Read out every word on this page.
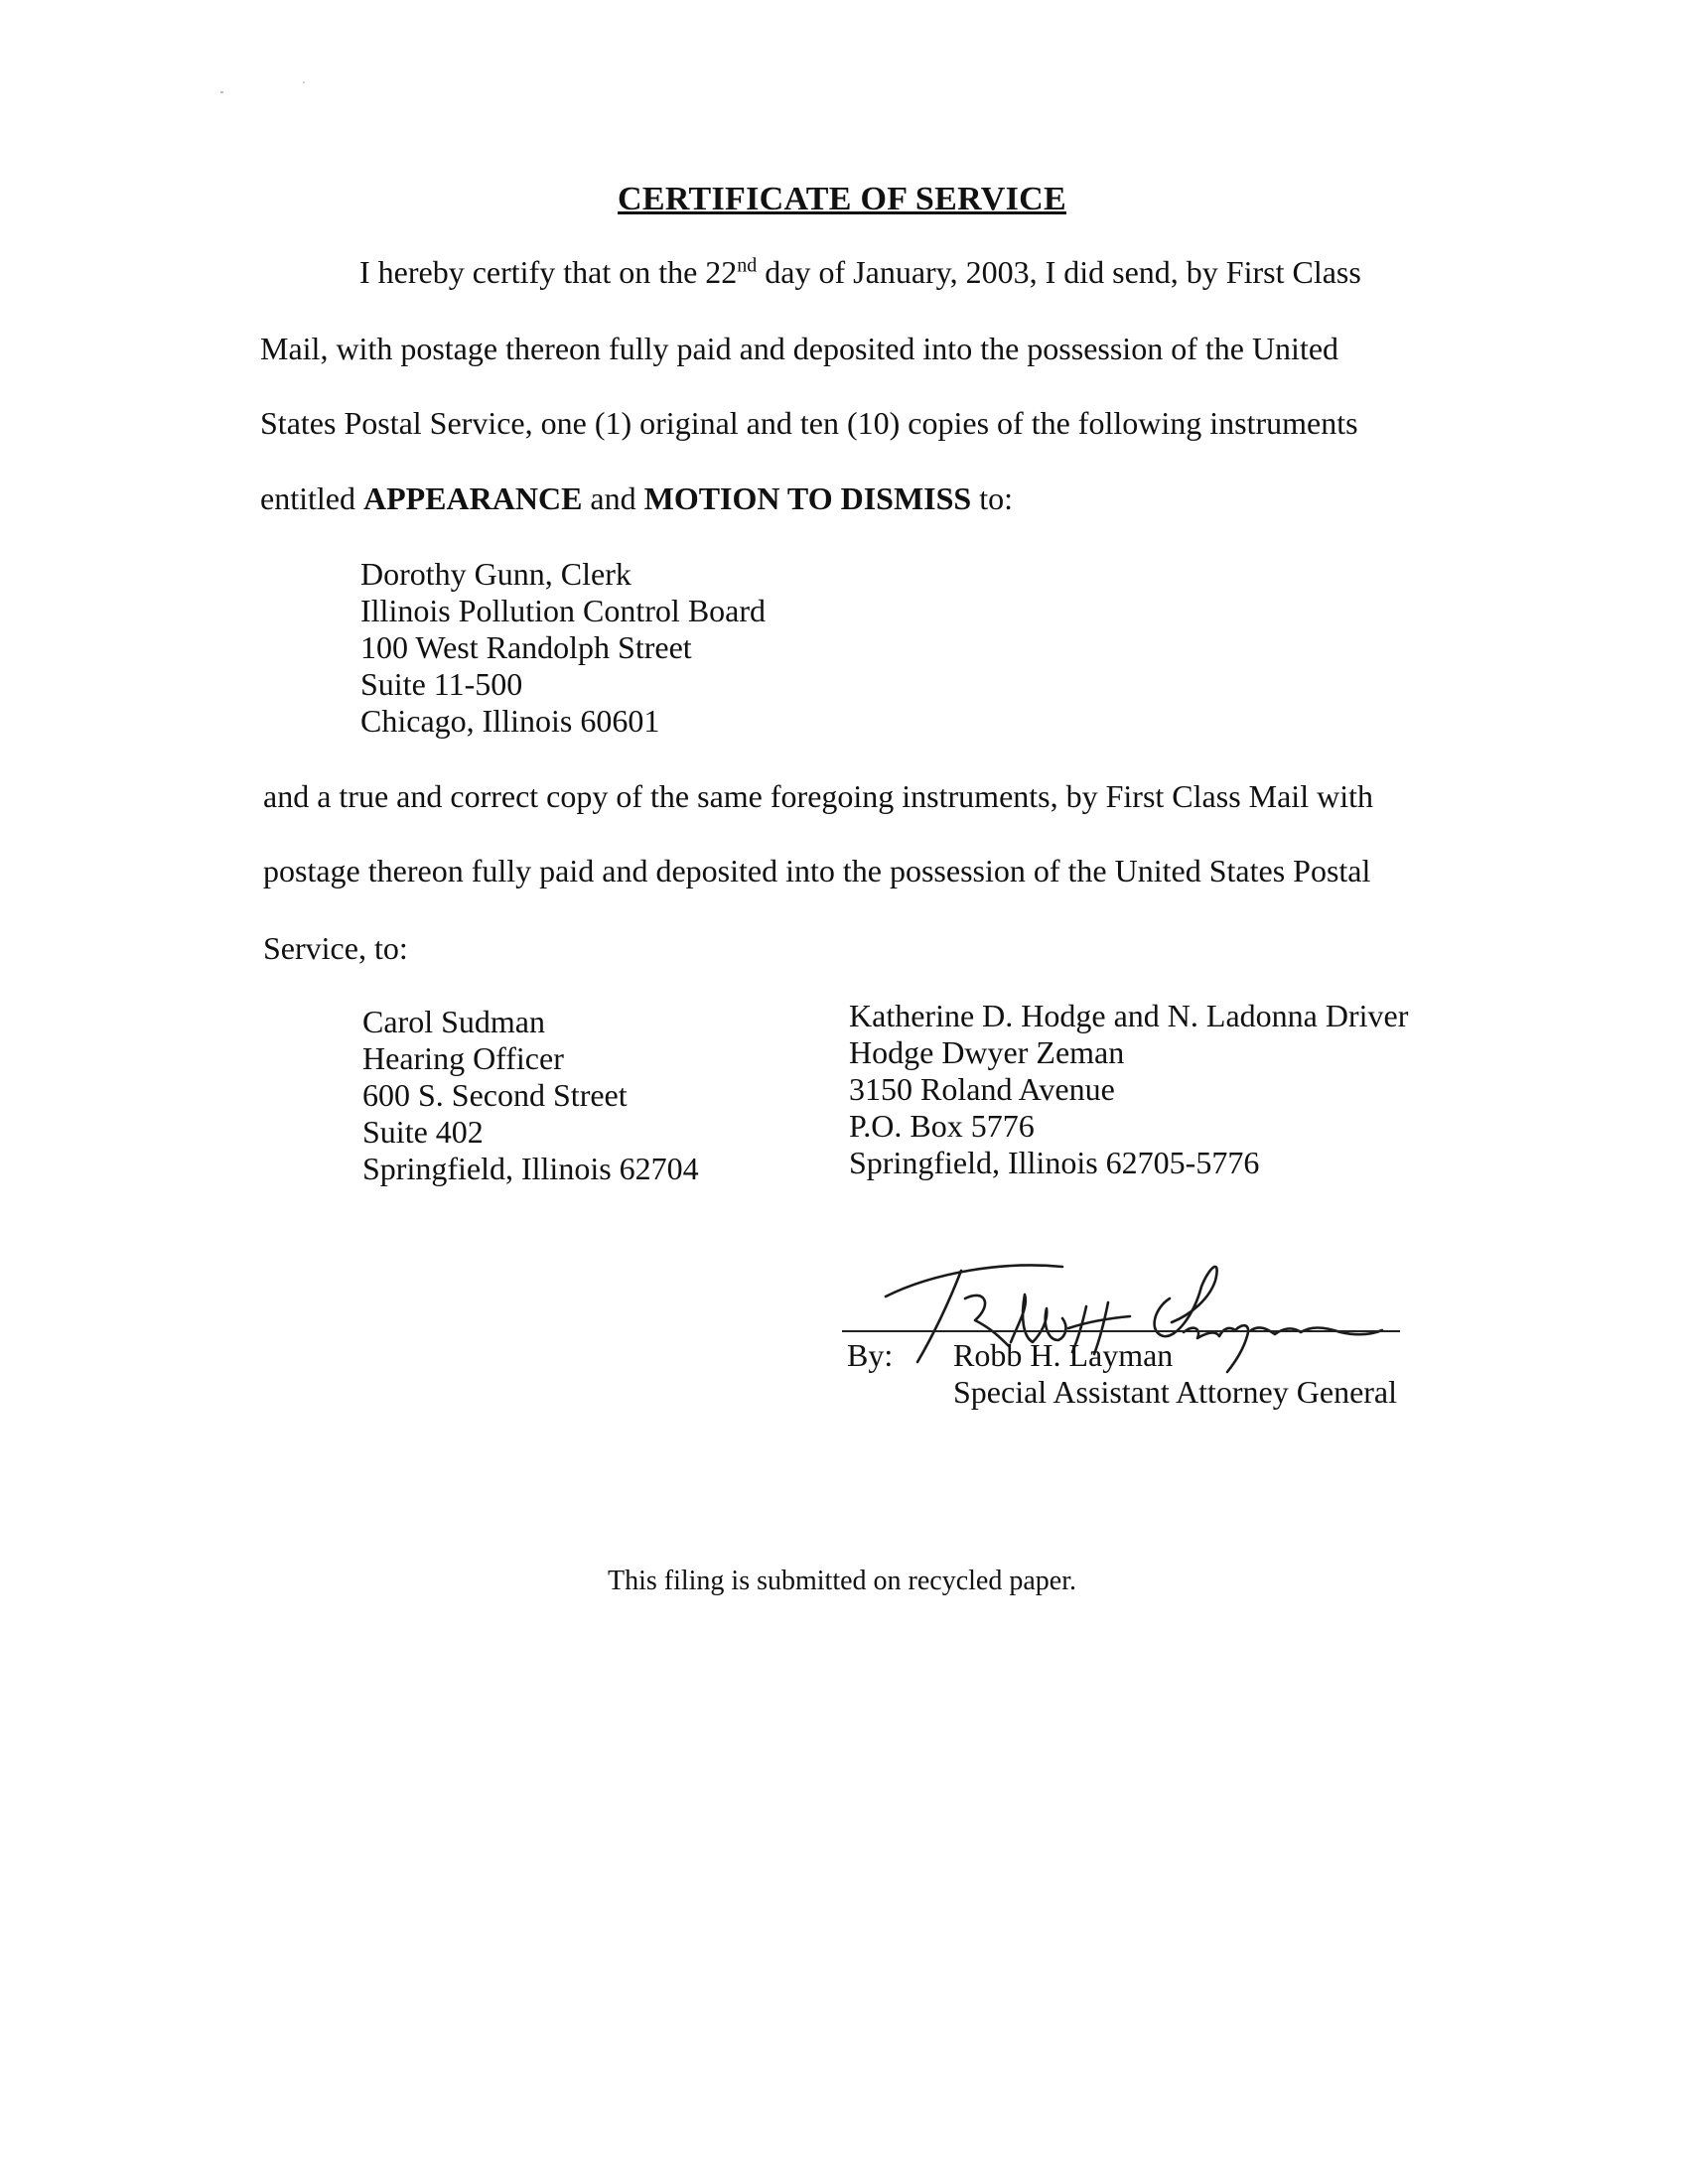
CERTIFICATE OF SERVICE
I hereby certify that on the 22nd day of January, 2003, I did send, by First Class
Mail, with postage thereon fully paid and deposited into the possession of the United
States Postal Service, one (1) original and ten (10) copies of the following instruments
entitled APPEARANCE and MOTION TO DISMISS to:
Dorothy Gunn, Clerk
Illinois Pollution Control Board
100 West Randolph Street
Suite 11-500
Chicago, Illinois 60601
and a true and correct copy of the same foregoing instruments, by First Class Mail with
postage thereon fully paid and deposited into the possession of the United States Postal
Service, to:
Carol Sudman
Hearing Officer
600 S. Second Street
Suite 402
Springfield, Illinois 62704
Katherine D. Hodge and N. Ladonna Driver
Hodge Dwyer Zeman
3150 Roland Avenue
P.O. Box 5776
Springfield, Illinois 62705-5776
By: Robb H. Layman
Special Assistant Attorney General
This filing is submitted on recycled paper.
